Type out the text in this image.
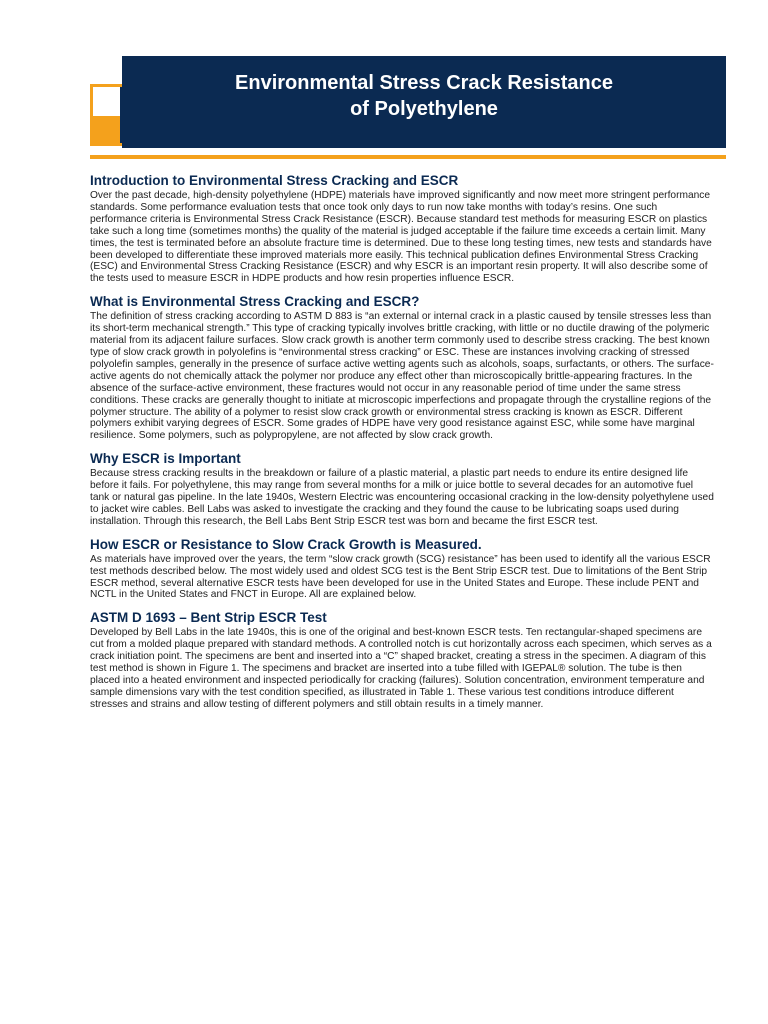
Environmental Stress Crack Resistance
of Polyethylene
Introduction to Environmental Stress Cracking and ESCR

Over the past decade, high-density polyethylene (HDPE) materials have improved significantly and now meet more stringent performance standards. Some performance evaluation tests that once took only days to run now take months with today’s resins. One such performance criteria is Environmental Stress Crack Resistance (ESCR). Because standard test methods for measuring ESCR on plastics take such a long time (sometimes months) the quality of the material is judged acceptable if the failure time exceeds a certain limit. Many times, the test is terminated before an absolute fracture time is determined. Due to these long testing times, new tests and standards have been developed to differentiate these improved materials more easily. This technical publication defines Environmental Stress Cracking (ESC) and Environmental Stress Cracking Resistance (ESCR) and why ESCR is an important resin property. It will also describe some of the tests used to measure ESCR in HDPE products and how resin properties influence ESCR.

What is Environmental Stress Cracking and ESCR?

The definition of stress cracking according to ASTM D 883 is “an external or internal crack in a plastic caused by tensile stresses less than its short-term mechanical strength.” This type of cracking typically involves brittle cracking, with little or no ductile drawing of the polymeric material from its adjacent failure surfaces. Slow crack growth is another term commonly used to describe stress cracking. The best known type of slow crack growth in polyolefins is “environmental stress cracking” or ESC. These are instances involving cracking of stressed polyolefin samples, generally in the presence of surface active wetting agents such as alcohols, soaps, surfactants, or others. The surface-active agents do not chemically attack the polymer nor produce any effect other than microscopically brittle-appearing fractures. In the absence of the surface-active environment, these fractures would not occur in any reasonable period of time under the same stress conditions. These cracks are generally thought to initiate at microscopic imperfections and propagate through the crystalline regions of the polymer structure. The ability of a polymer to resist slow crack growth or environmental stress cracking is known as ESCR. Different polymers exhibit varying degrees of ESCR. Some grades of HDPE have very good resistance against ESC, while some have marginal resilience. Some polymers, such as polypropylene, are not affected by slow crack growth.

Why ESCR is Important

Because stress cracking results in the breakdown or failure of a plastic material, a plastic part needs to endure its entire designed life before it fails. For polyethylene, this may range from several months for a milk or juice bottle to several decades for an automotive fuel tank or natural gas pipeline. In the late 1940s, Western Electric was encountering occasional cracking in the low-density polyethylene used to jacket wire cables. Bell Labs was asked to investigate the cracking and they found the cause to be lubricating soaps used during installation. Through this research, the Bell Labs Bent Strip ESCR test was born and became the first ESCR test.

How ESCR or Resistance to Slow Crack Growth is Measured.

As materials have improved over the years, the term “slow crack growth (SCG) resistance” has been used to identify all the various ESCR test methods described below. The most widely used and oldest SCG test is the Bent Strip ESCR test. Due to limitations of the Bent Strip ESCR method, several alternative ESCR tests have been developed for use in the United States and Europe. These include PENT and NCTL in the United States and FNCT in Europe. All are explained below.

ASTM D 1693 – Bent Strip ESCR Test

Developed by Bell Labs in the late 1940s, this is one of the original and best-known ESCR tests. Ten rectangular-shaped specimens are cut from a molded plaque prepared with standard methods. A controlled notch is cut horizontally across each specimen, which serves as a crack initiation point. The specimens are bent and inserted into a “C” shaped bracket, creating a stress in the specimen. A diagram of this test method is shown in Figure 1. The specimens and bracket are inserted into a tube filled with IGEPAL® solution. The tube is then placed into a heated environment and inspected periodically for cracking (failures). Solution concentration, environment temperature and sample dimensions vary with the test condition specified, as illustrated in Table 1. These various test conditions introduce different stresses and strains and allow testing of different polymers and still obtain results in a timely manner.
